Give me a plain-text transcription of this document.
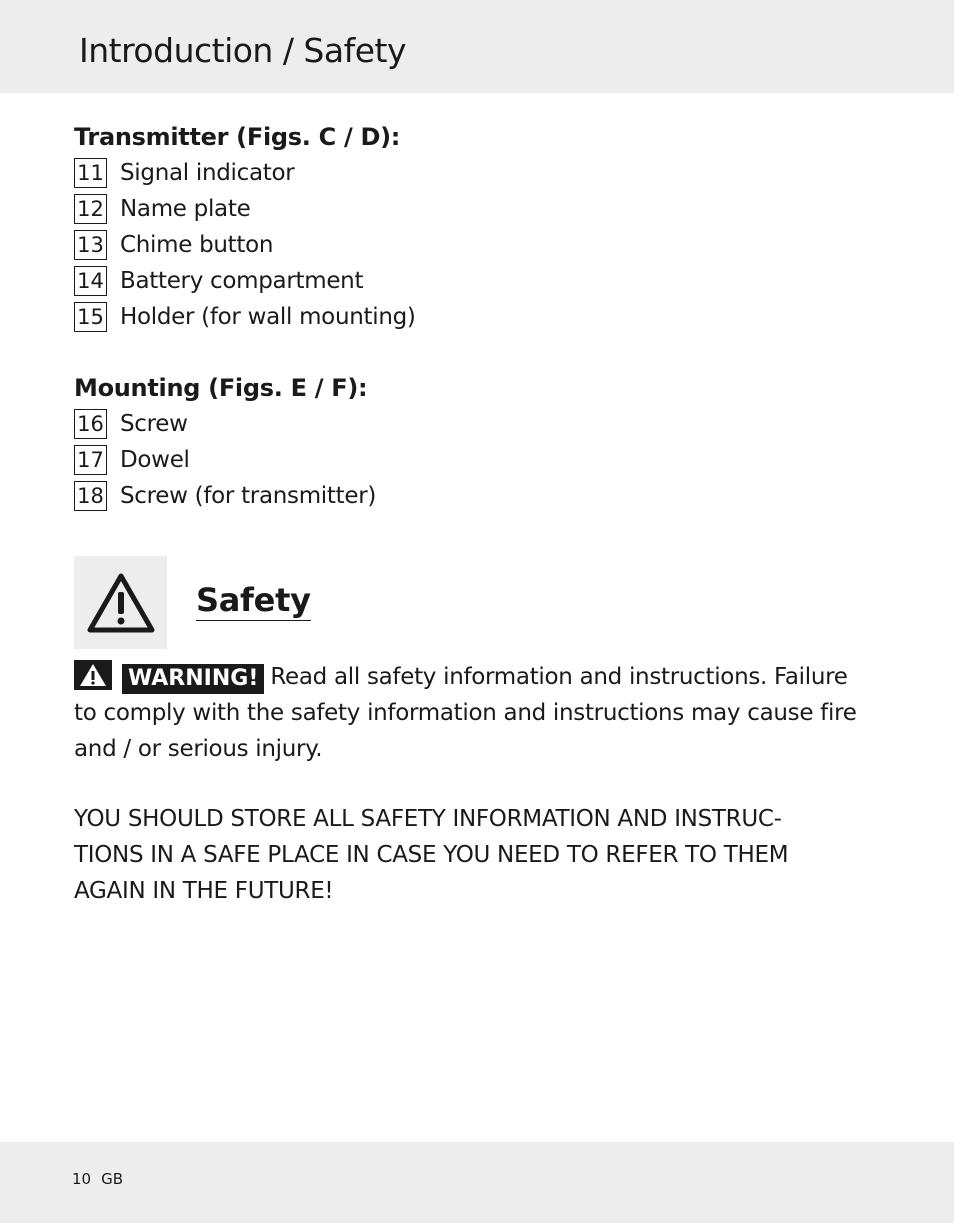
Introduction / Safety
Transmitter (Figs. C / D):
11 Signal indicator
12 Name plate
13 Chime button
14 Battery compartment
15 Holder (for wall mounting)
Mounting (Figs. E / F):
16 Screw
17 Dowel
18 Screw (for transmitter)
Safety
WARNING! Read all safety information and instructions. Failure to comply with the safety information and instructions may cause fire and / or serious injury.
YOU SHOULD STORE ALL SAFETY INFORMATION AND INSTRUC-
TIONS IN A SAFE PLACE IN CASE YOU NEED TO REFER TO THEM
AGAIN IN THE FUTURE!
10 GB
